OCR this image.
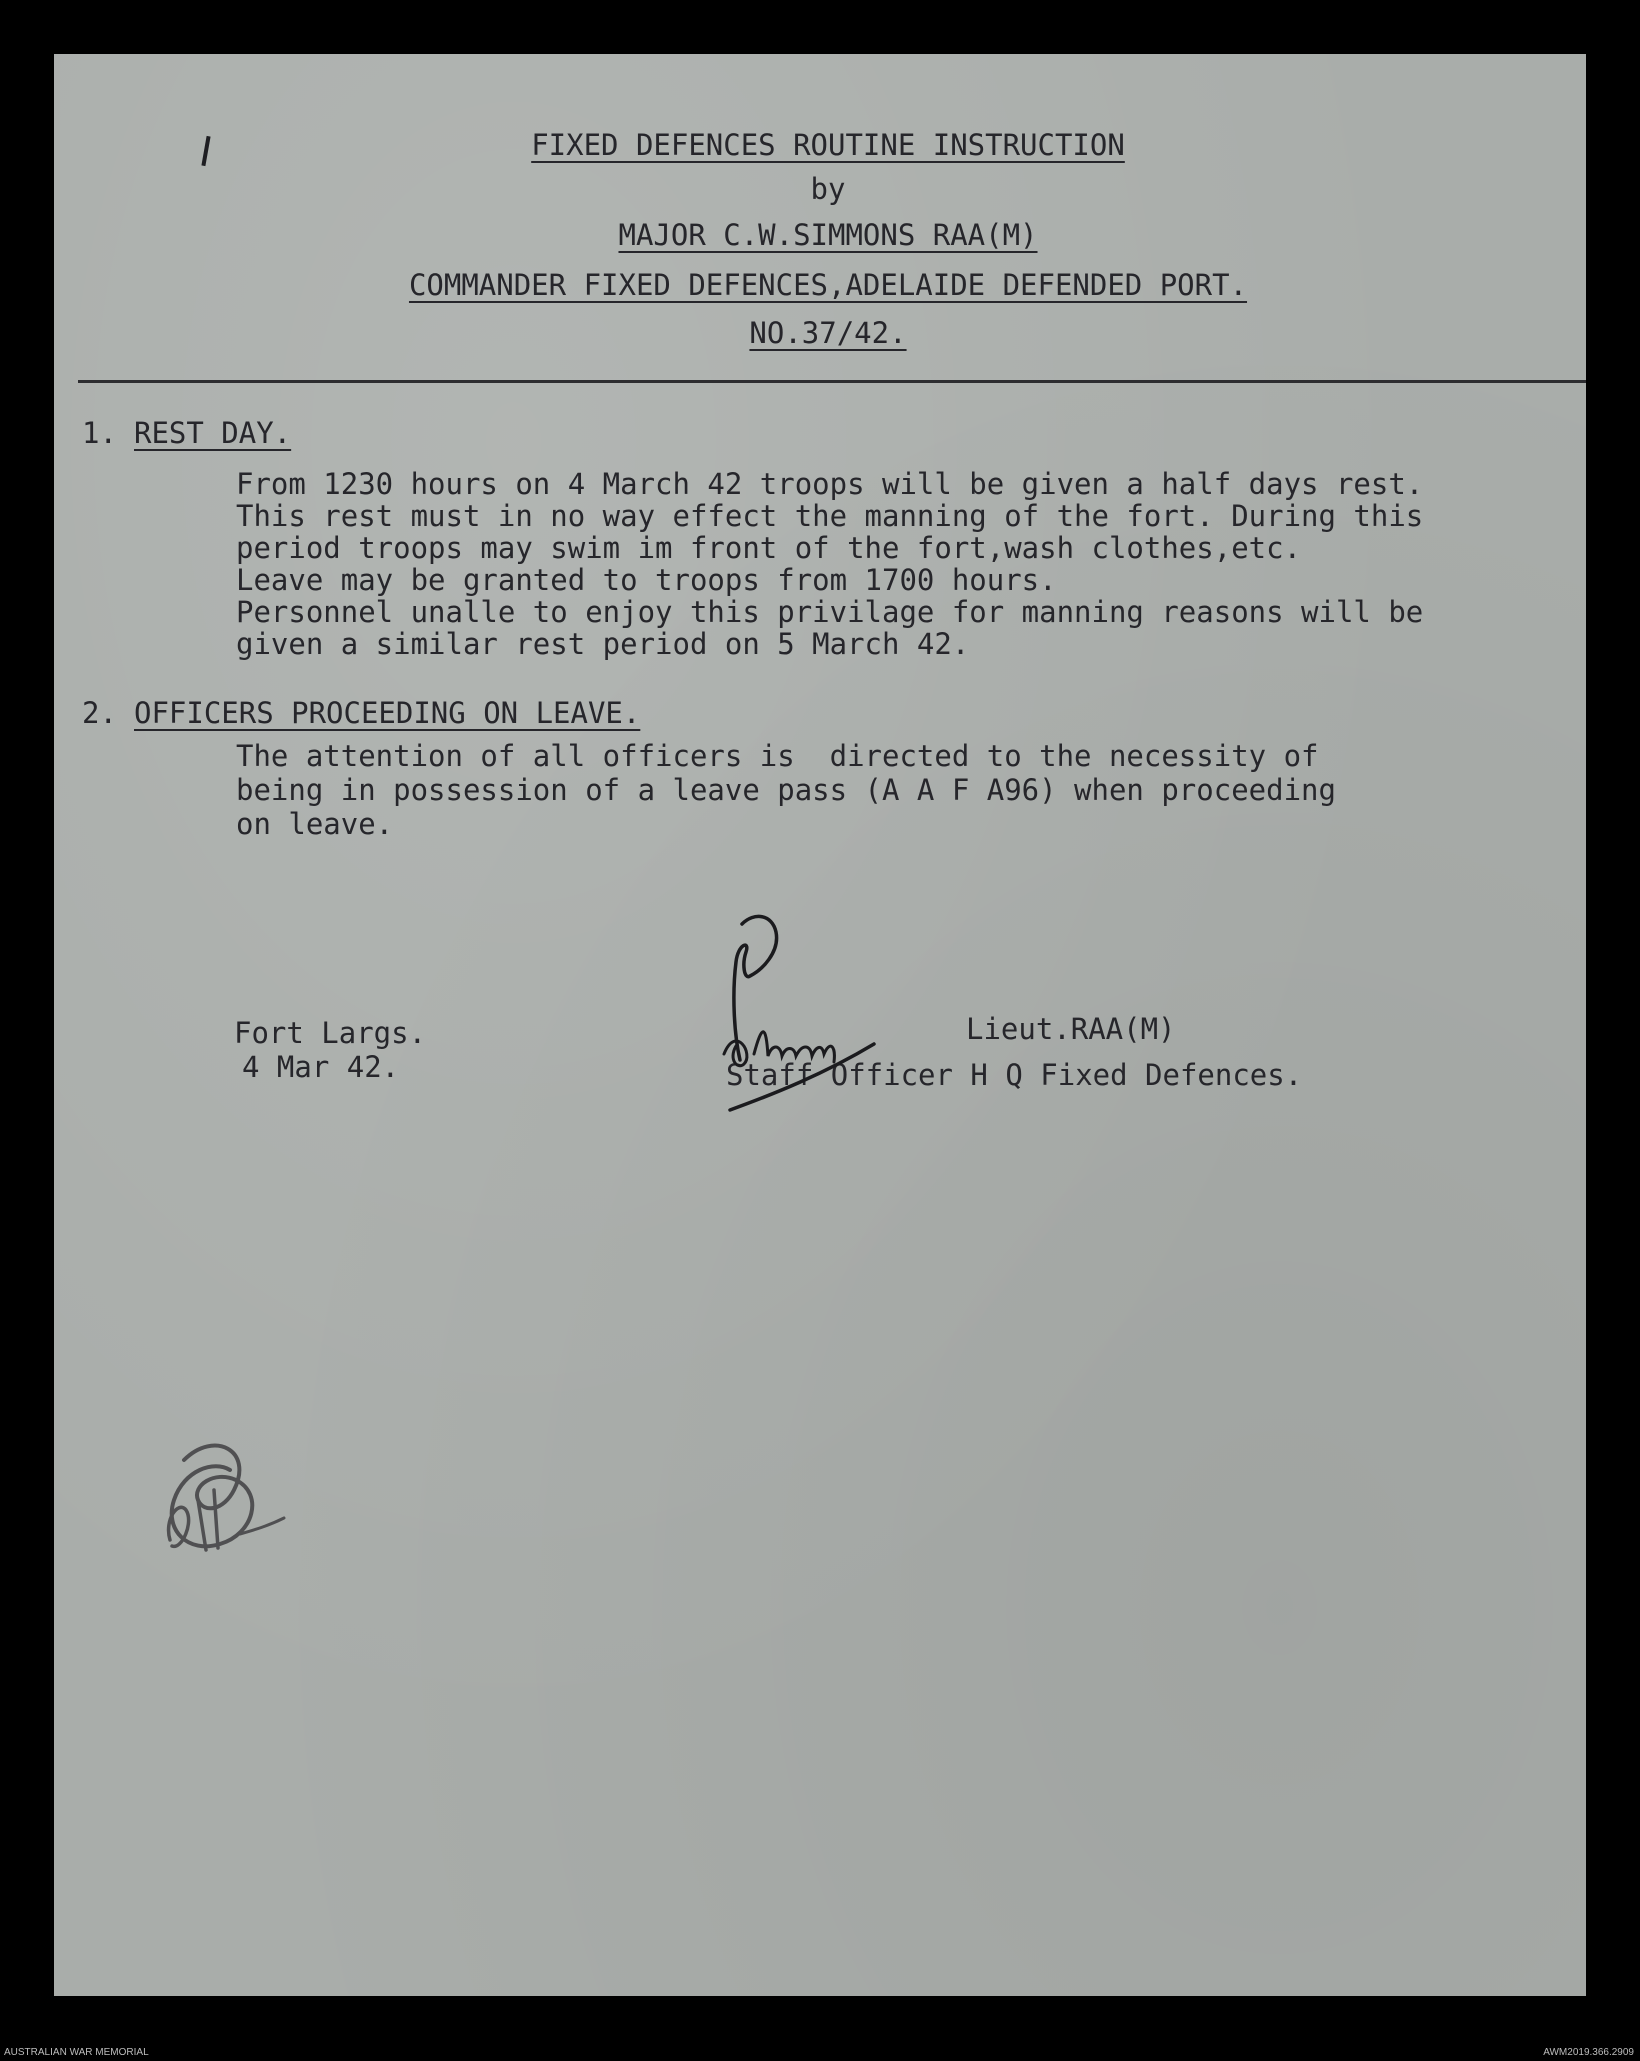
FIXED DEFENCES ROUTINE INSTRUCTION
by
MAJOR C.W.SIMMONS RAA(M)
COMMANDER FIXED DEFENCES,ADELAIDE DEFENDED PORT.
NO.37/42.
1. REST DAY.
From 1230 hours on 4 March 42 troops will be given a half days rest.
This rest must in no way effect the manning of the fort. During this
period troops may swim im front of the fort,wash clothes,etc.
Leave may be granted to troops from 1700 hours.
Personnel unalle to enjoy this privilage for manning reasons will be
given a similar rest period on 5 March 42.
2. OFFICERS PROCEEDING ON LEAVE.
The attention of all officers is  directed to the necessity of
being in possession of a leave pass (A A F A96) when proceeding
on leave.
Fort Largs.
4 Mar 42.
Lieut.RAA(M)
Staff Officer H Q Fixed Defences.
AUSTRALIAN WAR MEMORIAL	AWM2019.366.2909
